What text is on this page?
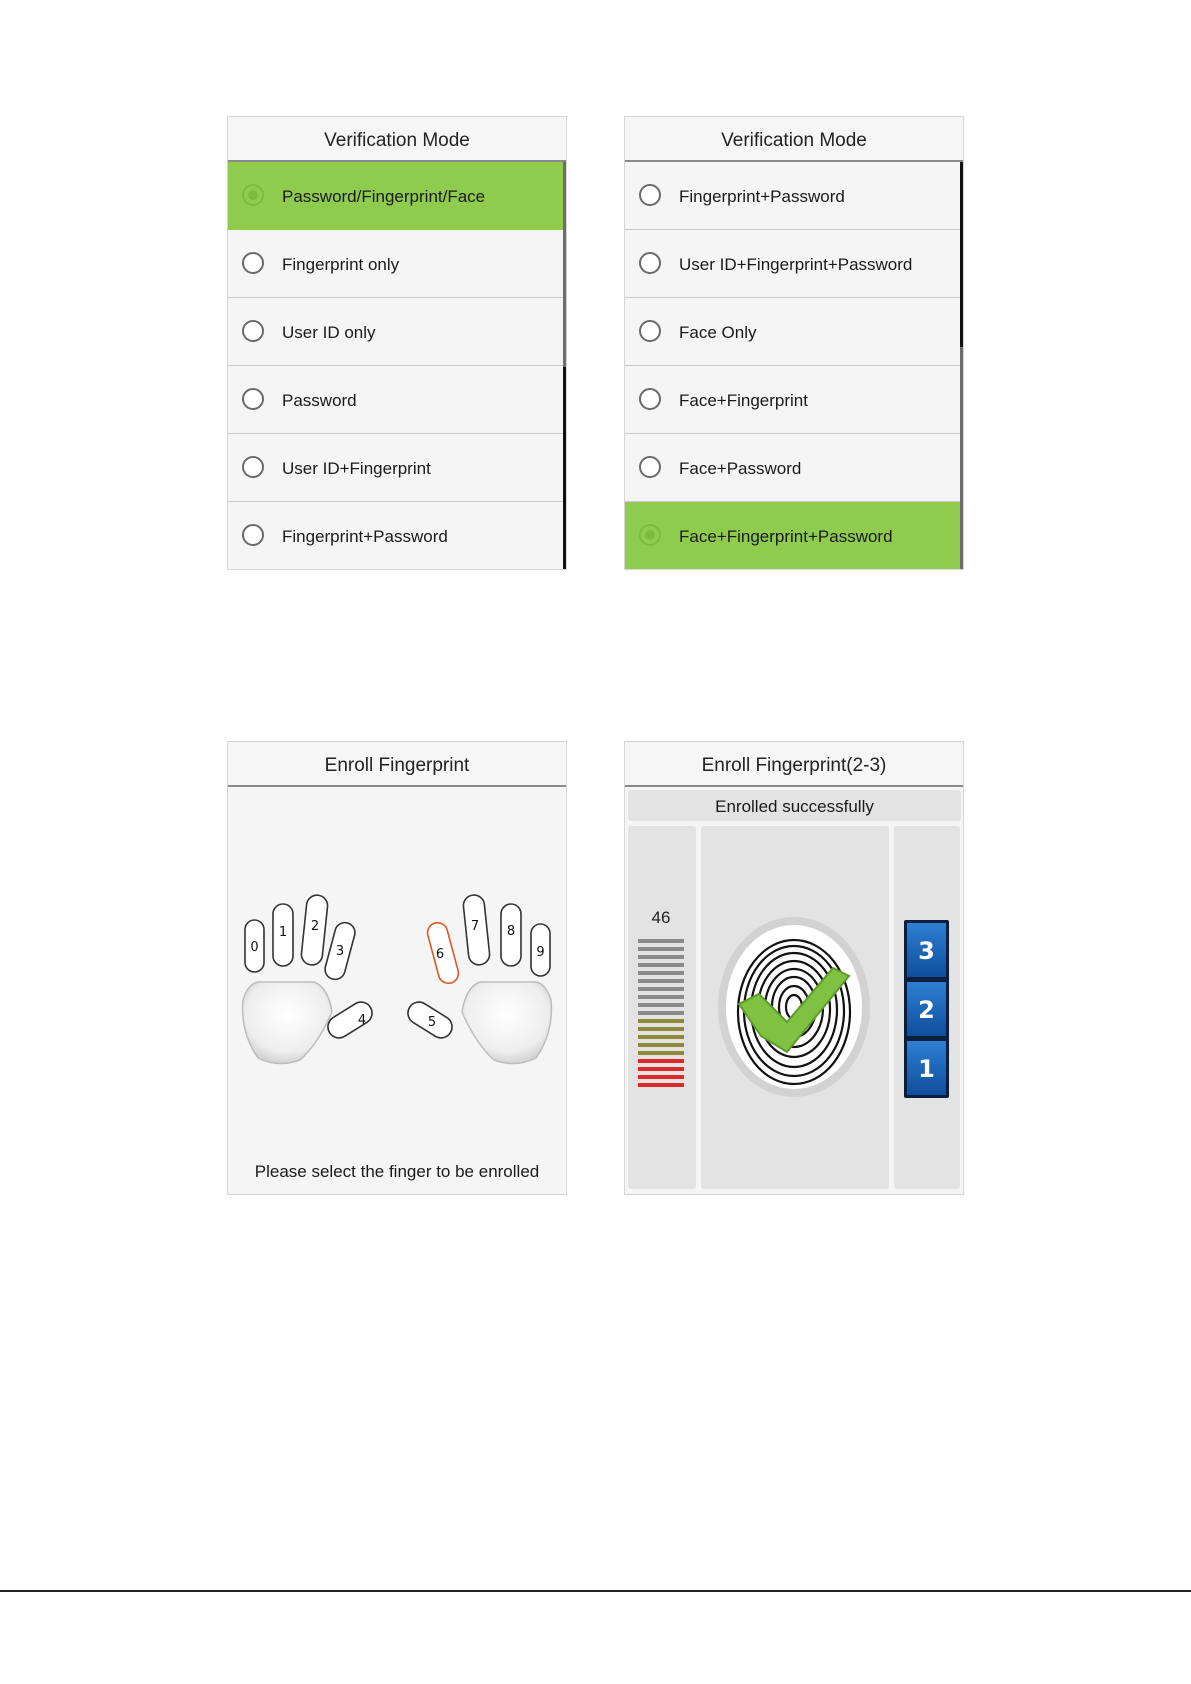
Verification Mode
Password/Fingerprint/Face
Fingerprint only
User ID only
Password
User ID+Fingerprint
Fingerprint+Password
Verification Mode
Fingerprint+Password
User ID+Fingerprint+Password
Face Only
Face+Fingerprint
Face+Password
Face+Fingerprint+Password
Enroll Fingerprint
0
1 2
3
4	5
6
7 8
9
Please select the finger to be enrolled
Enroll Fingerprint(2-3)
Enrolled successfully
46
3
2
1
